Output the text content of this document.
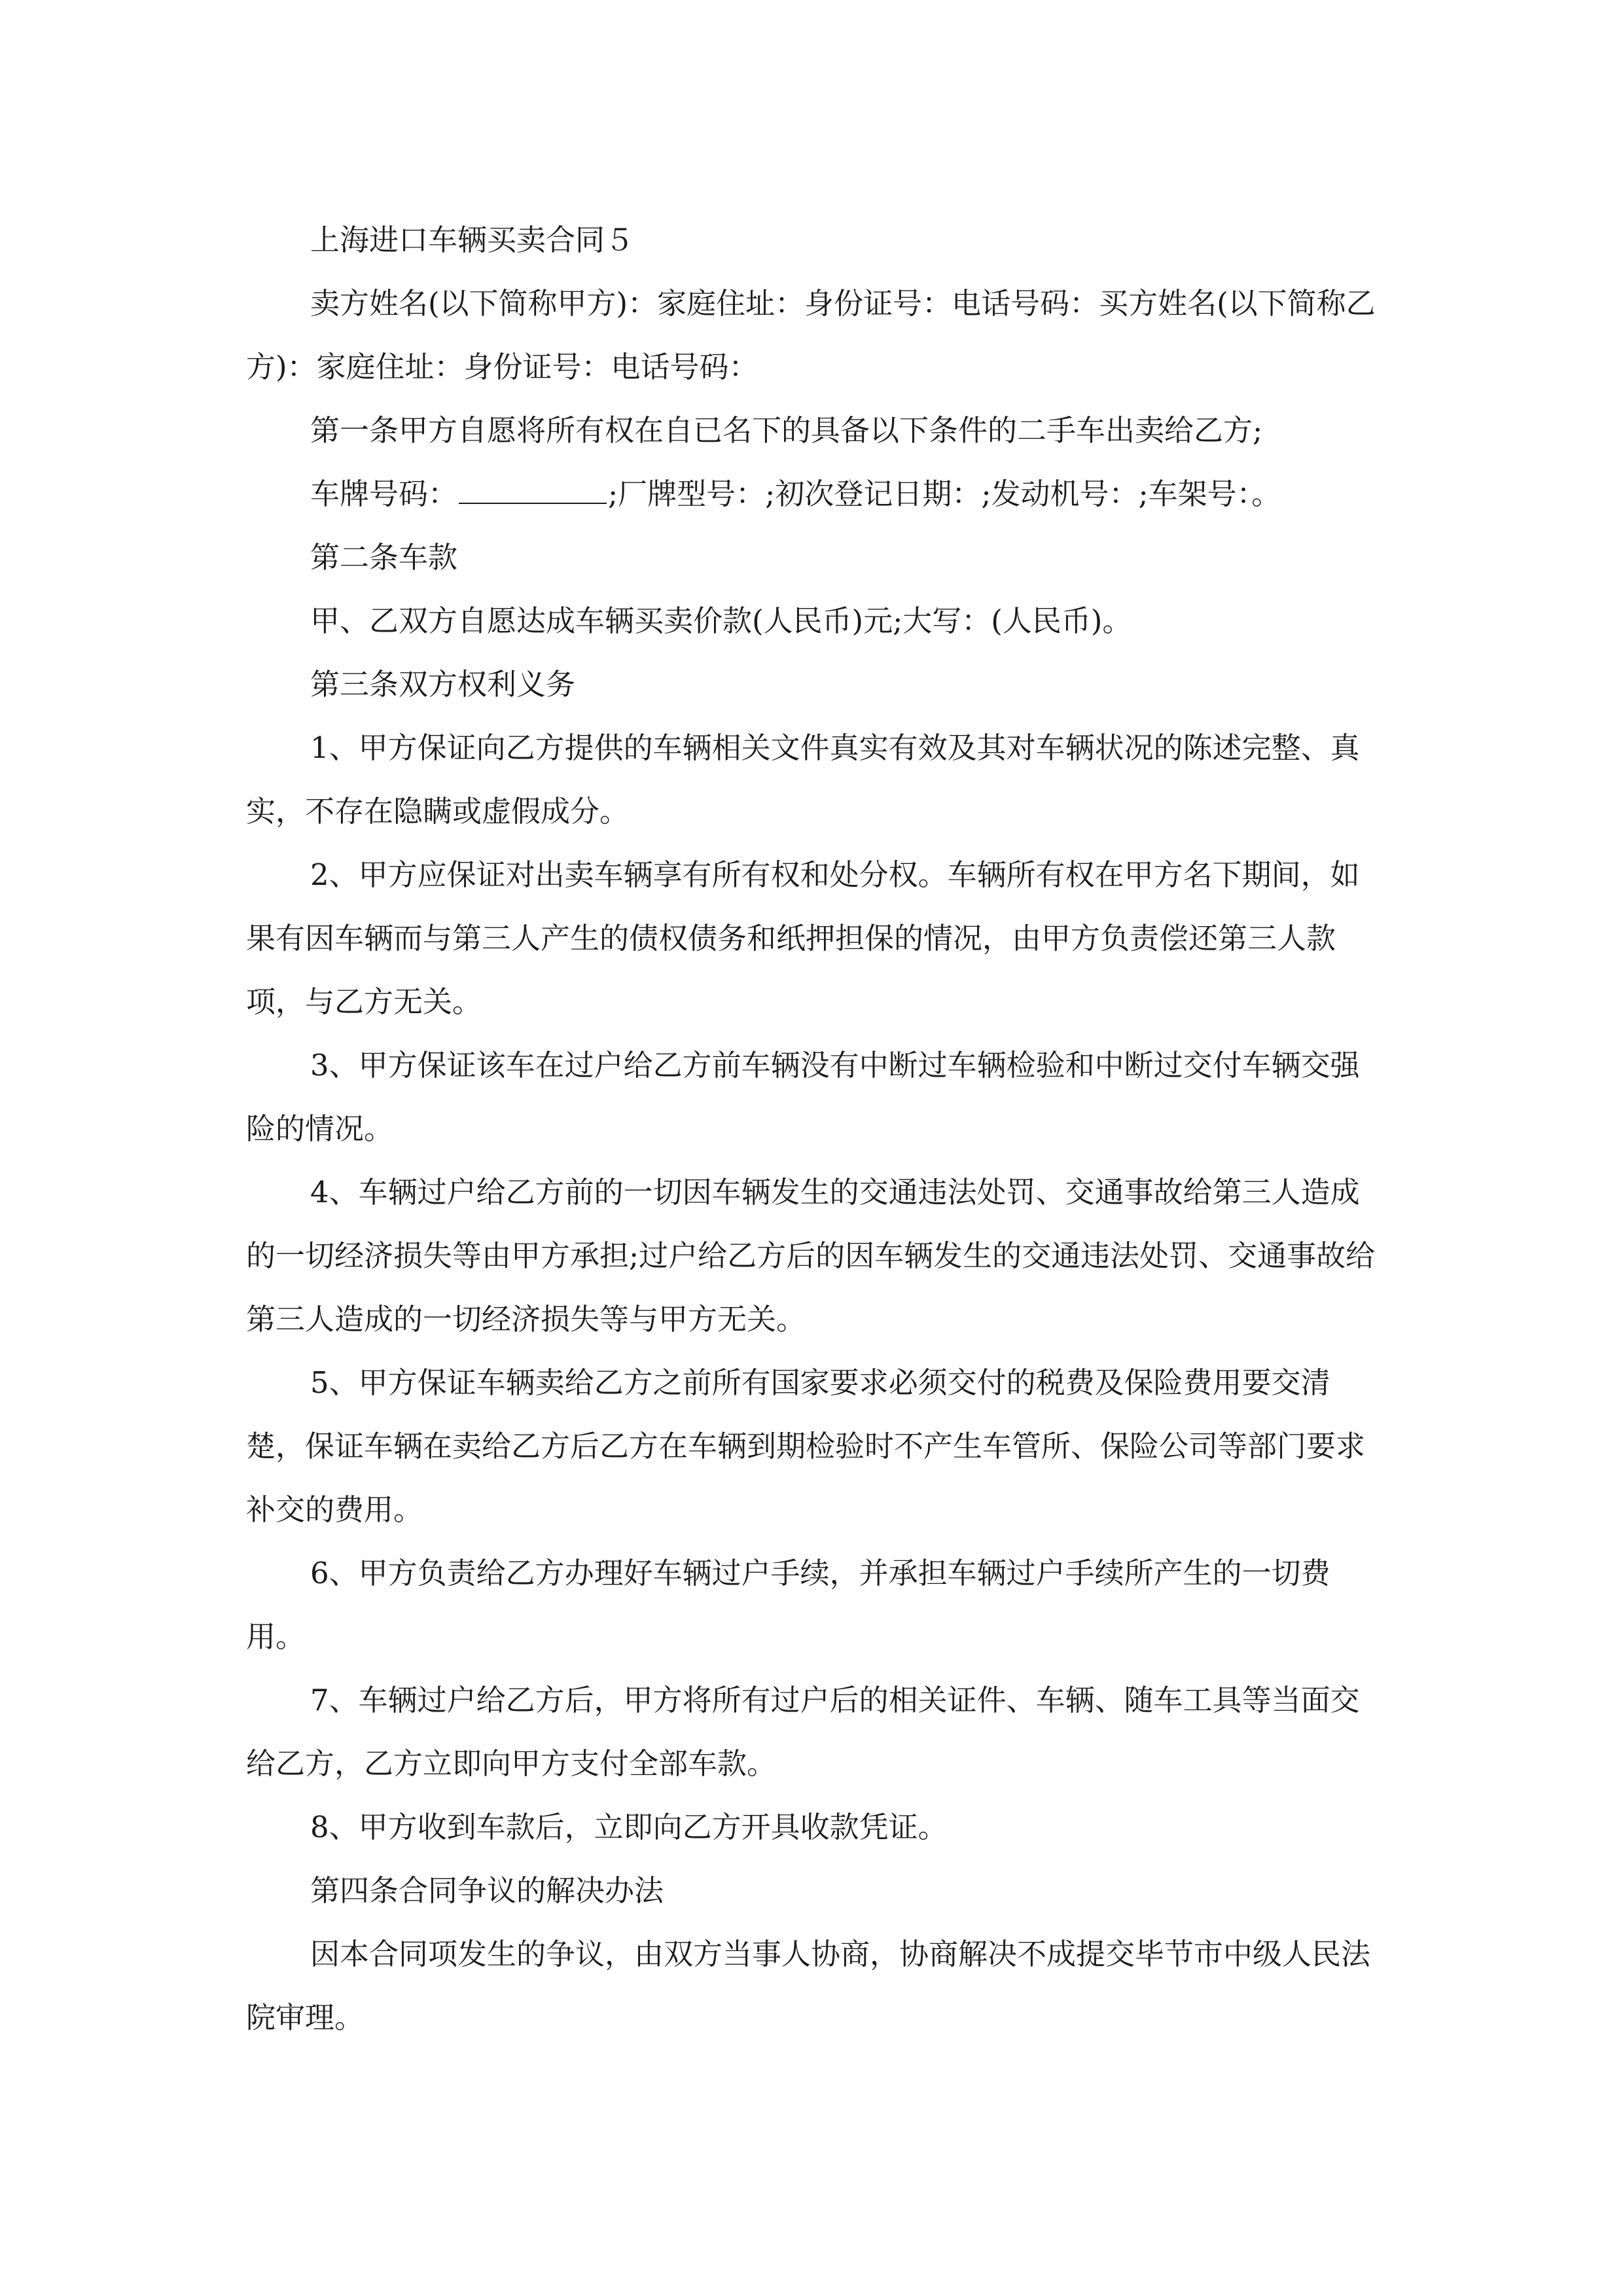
上海进口车辆买卖合同５

卖方姓名(以下简称甲方)：家庭住址：身份证号：电话号码：买方姓名(以下简称乙方)：家庭住址：身份证号：电话号码：

第一条甲方自愿将所有权在自已名下的具备以下条件的二手车出卖给乙方;

车牌号码：	;厂牌型号：;初次登记日期：;发动机号：;车架号：。

第二条车款

甲、乙双方自愿达成车辆买卖价款(人民币)元;大写：(人民币)。

第三条双方权利义务

1、甲方保证向乙方提供的车辆相关文件真实有效及其对车辆状况的陈述完整、真实，不存在隐瞒或虚假成分。

2、甲方应保证对出卖车辆享有所有权和处分权。车辆所有权在甲方名下期间，如果有因车辆而与第三人产生的债权债务和纸押担保的情况，由甲方负责偿还第三人款项，与乙方无关。

3、甲方保证该车在过户给乙方前车辆没有中断过车辆检验和中断过交付车辆交强险的情况。

4、车辆过户给乙方前的一切因车辆发生的交通违法处罚、交通事故给第三人造成的一切经济损失等由甲方承担;过户给乙方后的因车辆发生的交通违法处罚、交通事故给第三人造成的一切经济损失等与甲方无关。

5、甲方保证车辆卖给乙方之前所有国家要求必须交付的税费及保险费用要交清楚，保证车辆在卖给乙方后乙方在车辆到期检验时不产生车管所、保险公司等部门要求补交的费用。

6、甲方负责给乙方办理好车辆过户手续，并承担车辆过户手续所产生的一切费用。

7、车辆过户给乙方后，甲方将所有过户后的相关证件、车辆、随车工具等当面交给乙方，乙方立即向甲方支付全部车款。

8、甲方收到车款后，立即向乙方开具收款凭证。

第四条合同争议的解决办法

因本合同项发生的争议，由双方当事人协商，协商解决不成提交毕节市中级人民法院审理。
